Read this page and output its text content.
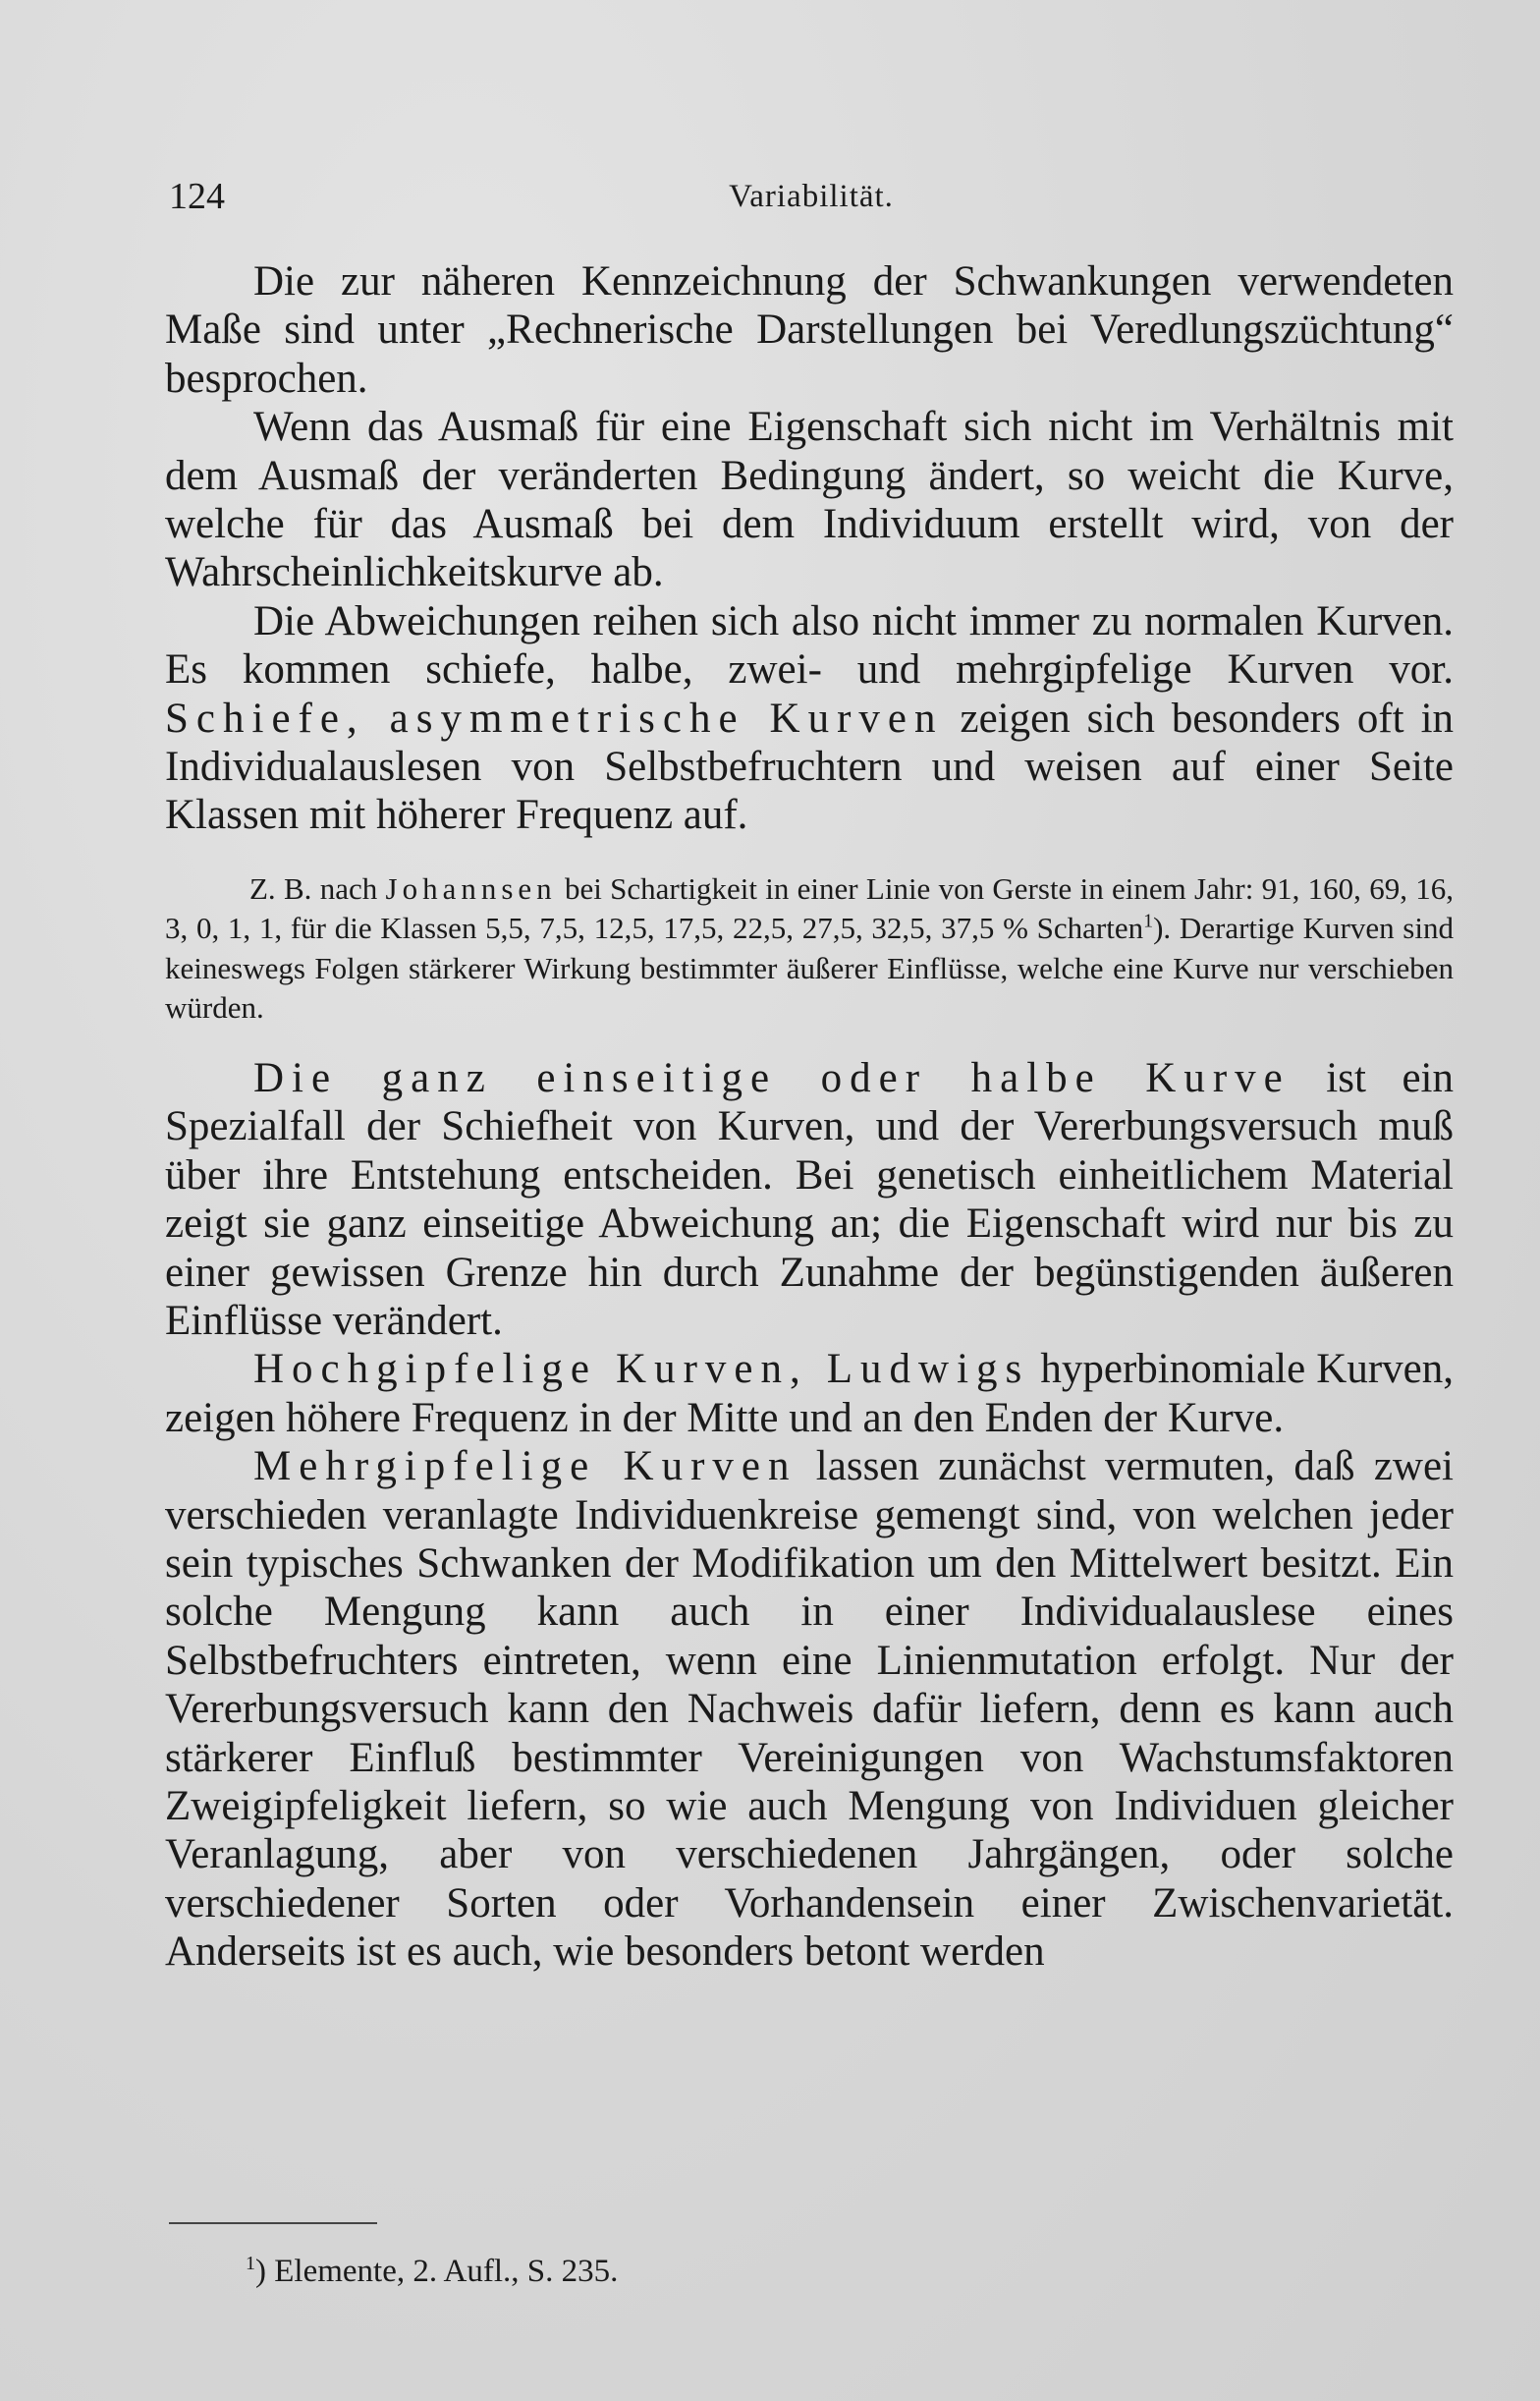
124	Variabilität.

Die zur näheren Kennzeichnung der Schwankungen verwendeten Maße sind unter „Rechnerische Darstellungen bei Veredlungszüchtung“ besprochen.

Wenn das Ausmaß für eine Eigenschaft sich nicht im Verhältnis mit dem Ausmaß der veränderten Bedingung ändert, so weicht die Kurve, welche für das Ausmaß bei dem Individuum erstellt wird, von der Wahrscheinlichkeitskurve ab.

Die Abweichungen reihen sich also nicht immer zu normalen Kurven. Es kommen schiefe, halbe, zwei- und mehrgipfelige Kurven vor. Schiefe, asymmetrische Kurven zeigen sich besonders oft in Individualauslesen von Selbstbefruchtern und weisen auf einer Seite Klassen mit höherer Frequenz auf.

Z. B. nach Johannsen bei Schartigkeit in einer Linie von Gerste in einem Jahr: 91, 160, 69, 16, 3, 0, 1, 1, für die Klassen 5,5, 7,5, 12,5, 17,5, 22,5, 27,5, 32,5, 37,5 % Scharten$^1$). Derartige Kurven sind keineswegs Folgen stärkerer Wirkung bestimmter äußerer Einflüsse, welche eine Kurve nur verschieben würden.

Die ganz einseitige oder halbe Kurve ist ein Spezialfall der Schiefheit von Kurven, und der Vererbungsversuch muß über ihre Entstehung entscheiden. Bei genetisch einheitlichem Material zeigt sie ganz einseitige Abweichung an; die Eigenschaft wird nur bis zu einer gewissen Grenze hin durch Zunahme der begünstigenden äußeren Einflüsse verändert.

Hochgipfelige Kurven, Ludwigs hyperbinomiale Kurven, zeigen höhere Frequenz in der Mitte und an den Enden der Kurve.

Mehrgipfelige Kurven lassen zunächst vermuten, daß zwei verschieden veranlagte Individuenkreise gemengt sind, von welchen jeder sein typisches Schwanken der Modifikation um den Mittelwert besitzt. Ein solche Mengung kann auch in einer Individualauslese eines Selbstbefruchters eintreten, wenn eine Linienmutation erfolgt. Nur der Vererbungsversuch kann den Nachweis dafür liefern, denn es kann auch stärkerer Einfluß bestimmter Vereinigungen von Wachstumsfaktoren Zweigipfeligkeit liefern, so wie auch Mengung von Individuen gleicher Veranlagung, aber von verschiedenen Jahrgängen, oder solche verschiedener Sorten oder Vorhandensein einer Zwischenvarietät. Anderseits ist es auch, wie besonders betont werden

$^1$) Elemente, 2. Aufl., S. 235.
